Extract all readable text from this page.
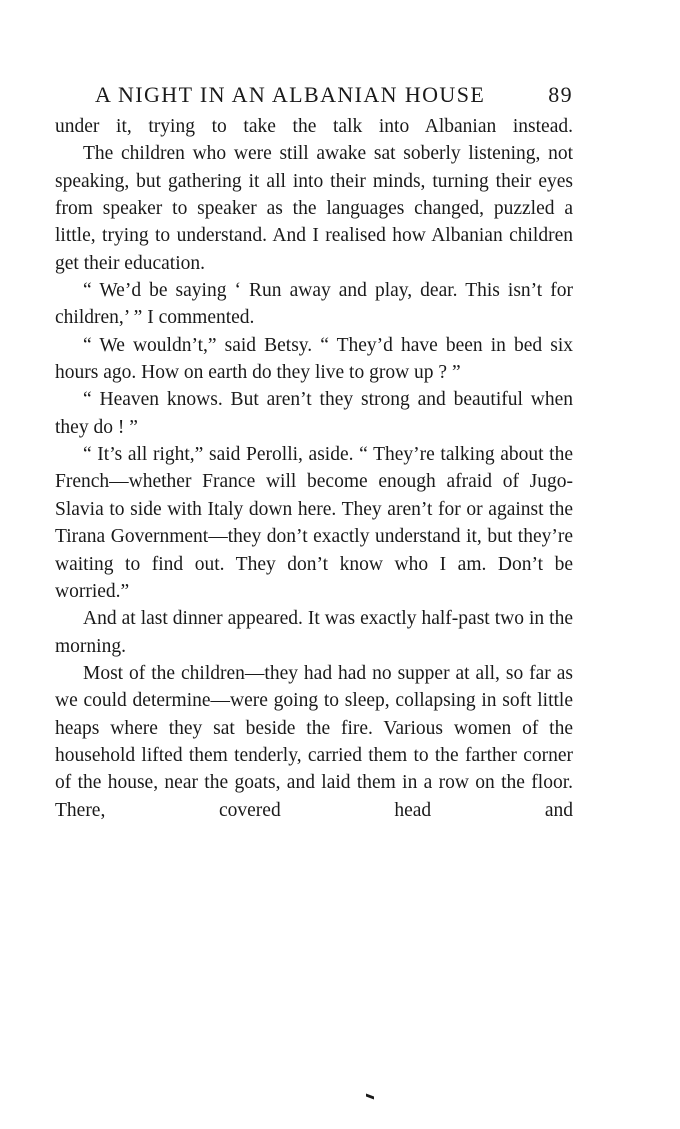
A NIGHT IN AN ALBANIAN HOUSE	89

under it, trying to take the talk into Albanian instead.

The children who were still awake sat soberly listening, not speaking, but gathering it all into their minds, turning their eyes from speaker to speaker as the languages changed, puzzled a little, trying to understand. And I realised how Albanian children get their education.

“ We’d be saying ‘ Run away and play, dear. This isn’t for children,’ ” I commented.

“ We wouldn’t,” said Betsy. “ They’d have been in bed six hours ago. How on earth do they live to grow up ? ”

“ Heaven knows. But aren’t they strong and beautiful when they do ! ”

“ It’s all right,” said Perolli, aside. “ They’re talking about the French—whether France will become enough afraid of Jugo-Slavia to side with Italy down here. They aren’t for or against the Tirana Government—they don’t exactly understand it, but they’re waiting to find out. They don’t know who I am. Don’t be worried.”

And at last dinner appeared. It was exactly half-past two in the morning.

Most of the children—they had had no supper at all, so far as we could determine—were going to sleep, collapsing in soft little heaps where they sat beside the fire. Various women of the household lifted them tenderly, carried them to the farther corner of the house, near the goats, and laid them in a row on the floor. There, covered head and
